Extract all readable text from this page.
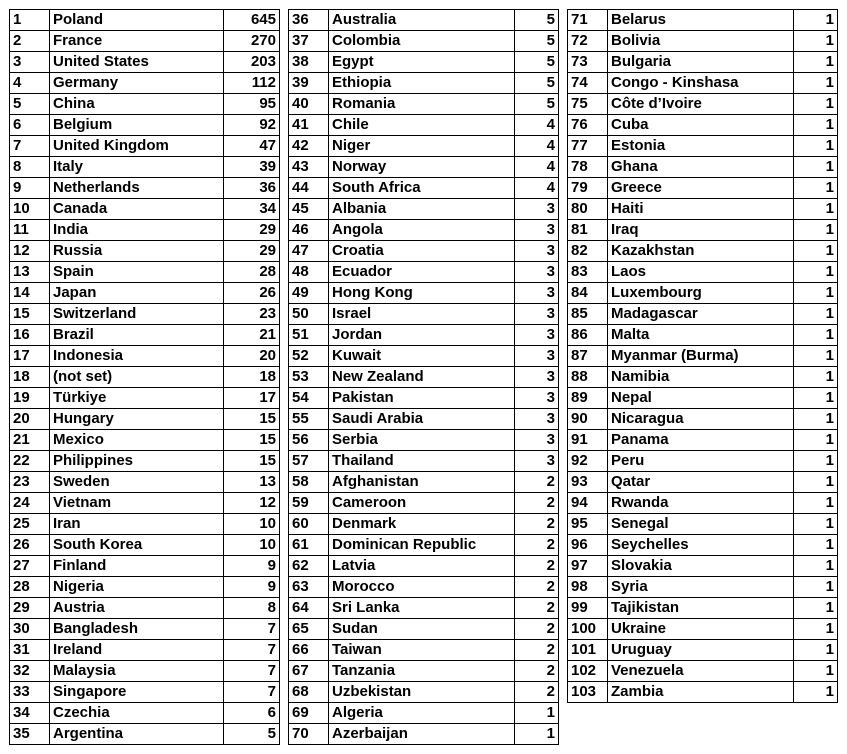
1	Poland	645
2	France	270
3	United States	203
4	Germany	112
5	China	95
6	Belgium	92
7	United Kingdom	47
8	Italy	39
9	Netherlands	36
10	Canada	34
11	India	29
12	Russia	29
13	Spain	28
14	Japan	26
15	Switzerland	23
16	Brazil	21
17	Indonesia	20
18	(not set)	18
19	Türkiye	17
20	Hungary	15
21	Mexico	15
22	Philippines	15
23	Sweden	13
24	Vietnam	12
25	Iran	10
26	South Korea	10
27	Finland	9
28	Nigeria	9
29	Austria	8
30	Bangladesh	7
31	Ireland	7
32	Malaysia	7
33	Singapore	7
34	Czechia	6
35	Argentina	5
36	Australia	5
37	Colombia	5
38	Egypt	5
39	Ethiopia	5
40	Romania	5
41	Chile	4
42	Niger	4
43	Norway	4
44	South Africa	4
45	Albania	3
46	Angola	3
47	Croatia	3
48	Ecuador	3
49	Hong Kong	3
50	Israel	3
51	Jordan	3
52	Kuwait	3
53	New Zealand	3
54	Pakistan	3
55	Saudi Arabia	3
56	Serbia	3
57	Thailand	3
58	Afghanistan	2
59	Cameroon	2
60	Denmark	2
61	Dominican Republic	2
62	Latvia	2
63	Morocco	2
64	Sri Lanka	2
65	Sudan	2
66	Taiwan	2
67	Tanzania	2
68	Uzbekistan	2
69	Algeria	1
70	Azerbaijan	1
71	Belarus	1
72	Bolivia	1
73	Bulgaria	1
74	Congo - Kinshasa	1
75	Côte d’Ivoire	1
76	Cuba	1
77	Estonia	1
78	Ghana	1
79	Greece	1
80	Haiti	1
81	Iraq	1
82	Kazakhstan	1
83	Laos	1
84	Luxembourg	1
85	Madagascar	1
86	Malta	1
87	Myanmar (Burma)	1
88	Namibia	1
89	Nepal	1
90	Nicaragua	1
91	Panama	1
92	Peru	1
93	Qatar	1
94	Rwanda	1
95	Senegal	1
96	Seychelles	1
97	Slovakia	1
98	Syria	1
99	Tajikistan	1
100	Ukraine	1
101	Uruguay	1
102	Venezuela	1
103	Zambia	1
